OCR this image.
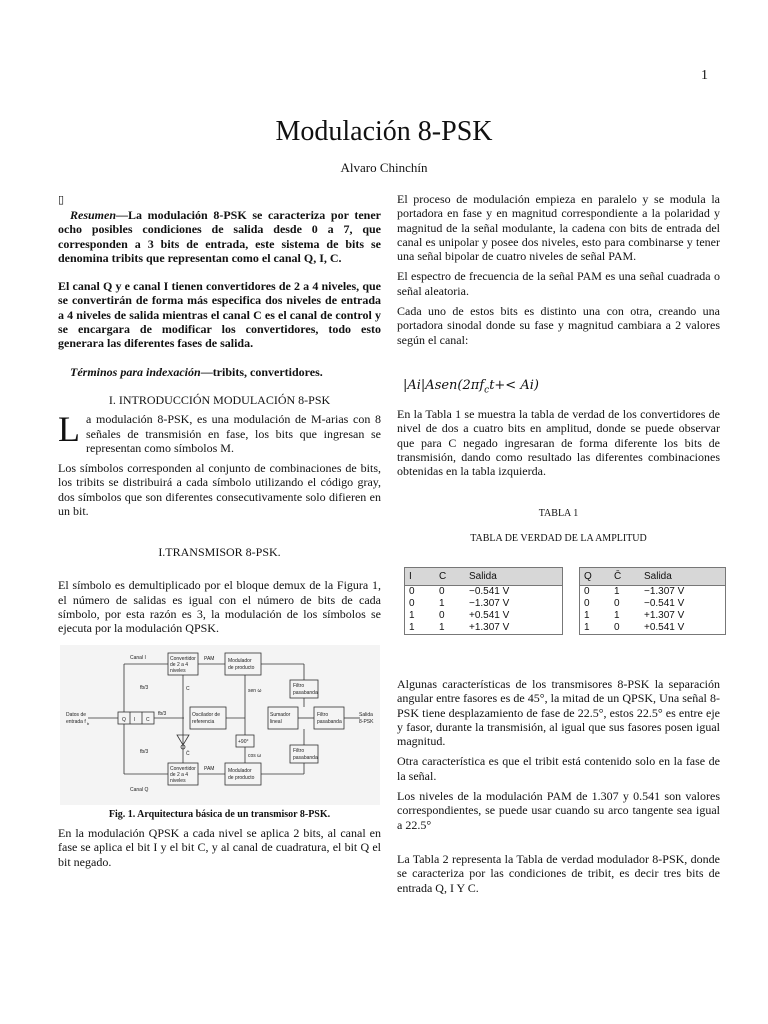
1
Modulación 8-PSK
Alvaro Chinchín
▯

Resumen—La modulación 8-PSK se caracteriza por tener ocho posibles condiciones de salida desde 0 a 7, que corresponden a 3 bits de entrada, este sistema de bits se denomina tribits que representan como el canal Q, I, C.

El canal Q y e canal I tienen convertidores de 2 a 4 niveles, que se convertirán de forma más especifica dos niveles de entrada a 4 niveles de salida mientras el canal C es el canal de control y se encargara de modificar los convertidores, todo esto generara las diferentes fases de salida.

Términos para indexación—tribits, convertidores.

I. INTRODUCCIÓN MODULACIÓN 8-PSK

La modulación 8-PSK, es una modulación de M-arias con 8 señales de transmisión en fase, los bits que ingresan se representan como símbolos M.

Los símbolos corresponden al conjunto de combinaciones de bits, los tribits se distribuirá a cada símbolo utilizando el código gray, dos símbolos que son diferentes consecutivamente solo difieren en un bit.

I.TRANSMISOR 8-PSK.

El símbolo es demultiplicado por el bloque demux de la Figura 1, el número de salidas es igual con el número de bits de cada símbolo, por esta razón es 3, la modulación de los símbolos se ejecuta por la modulación QPSK.

Canal I
Canal Q
Convertidor
de 2 a 4
niveles
Convertidor
de 2 a 4
niveles
PAM
PAM
Modulador
de producto
Modulador
de producto
Oscilador de
referencia
Sumador
lineal
Filtro
pasabanda
Filtro
pasabanda
Filtro
pasabanda
Salida
8-PSK
Datos de
entrada f b
Q I C
fb/3
fb/3
fb/3
C
C̄
sen ω
cos ω
+90°
Fig. 1. Arquitectura básica de un transmisor 8-PSK.

En la modulación QPSK a cada nivel se aplica 2 bits, al canal en fase se aplica el bit I y el bit C, y al canal de cuadratura, el bit Q el bit negado.

El proceso de modulación empieza en paralelo y se modula la portadora en fase y en magnitud correspondiente a la polaridad y magnitud de la señal modulante, la cadena con bits de entrada del canal es unipolar y posee dos niveles, esto para combinarse y tener una señal bipolar de cuatro niveles de señal PAM.

El espectro de frecuencia de la señal PAM es una señal cuadrada o señal aleatoria.

Cada uno de estos bits es distinto una con otra, creando una portadora sinodal donde su fase y magnitud cambiara a 2 valores según el canal:

$|Ai|Asen(2\pi f_ct+< Ai)$

En la Tabla 1 se muestra la tabla de verdad de los convertidores de nivel de dos a cuatro bits en amplitud, donde se puede observar que para C negado ingresaran de forma diferente los bits de transmisión, dando como resultado las diferentes combinaciones obtenidas en la tabla izquierda.

TABLA 1
TABLA DE VERDAD DE LA AMPLITUD
I	C	Salida
0	0	−0.541 V
0	1	−1.307 V
1	0	+0.541 V
1	1	+1.307 V
Q	C̄	Salida
0	1	−1.307 V
0	0	−0.541 V
1	1	+1.307 V
1	0	+0.541 V

Algunas características de los transmisores 8-PSK la separación angular entre fasores es de 45°, la mitad de un QPSK, Una señal 8-PSK tiene desplazamiento de fase de 22.5°, estos 22.5° es entre eje y fasor, durante la transmisión, al igual que sus fasores posen igual magnitud.

Otra característica es que el tribit está contenido solo en la fase de la señal.

Los niveles de la modulación PAM de 1.307 y 0.541 son valores correspondientes, se puede usar cuando su arco tangente sea igual a 22.5°

La Tabla 2 representa la Tabla de verdad modulador 8-PSK, donde se caracteriza por las condiciones de tribit, es decir tres bits de entrada Q, I Y C.
